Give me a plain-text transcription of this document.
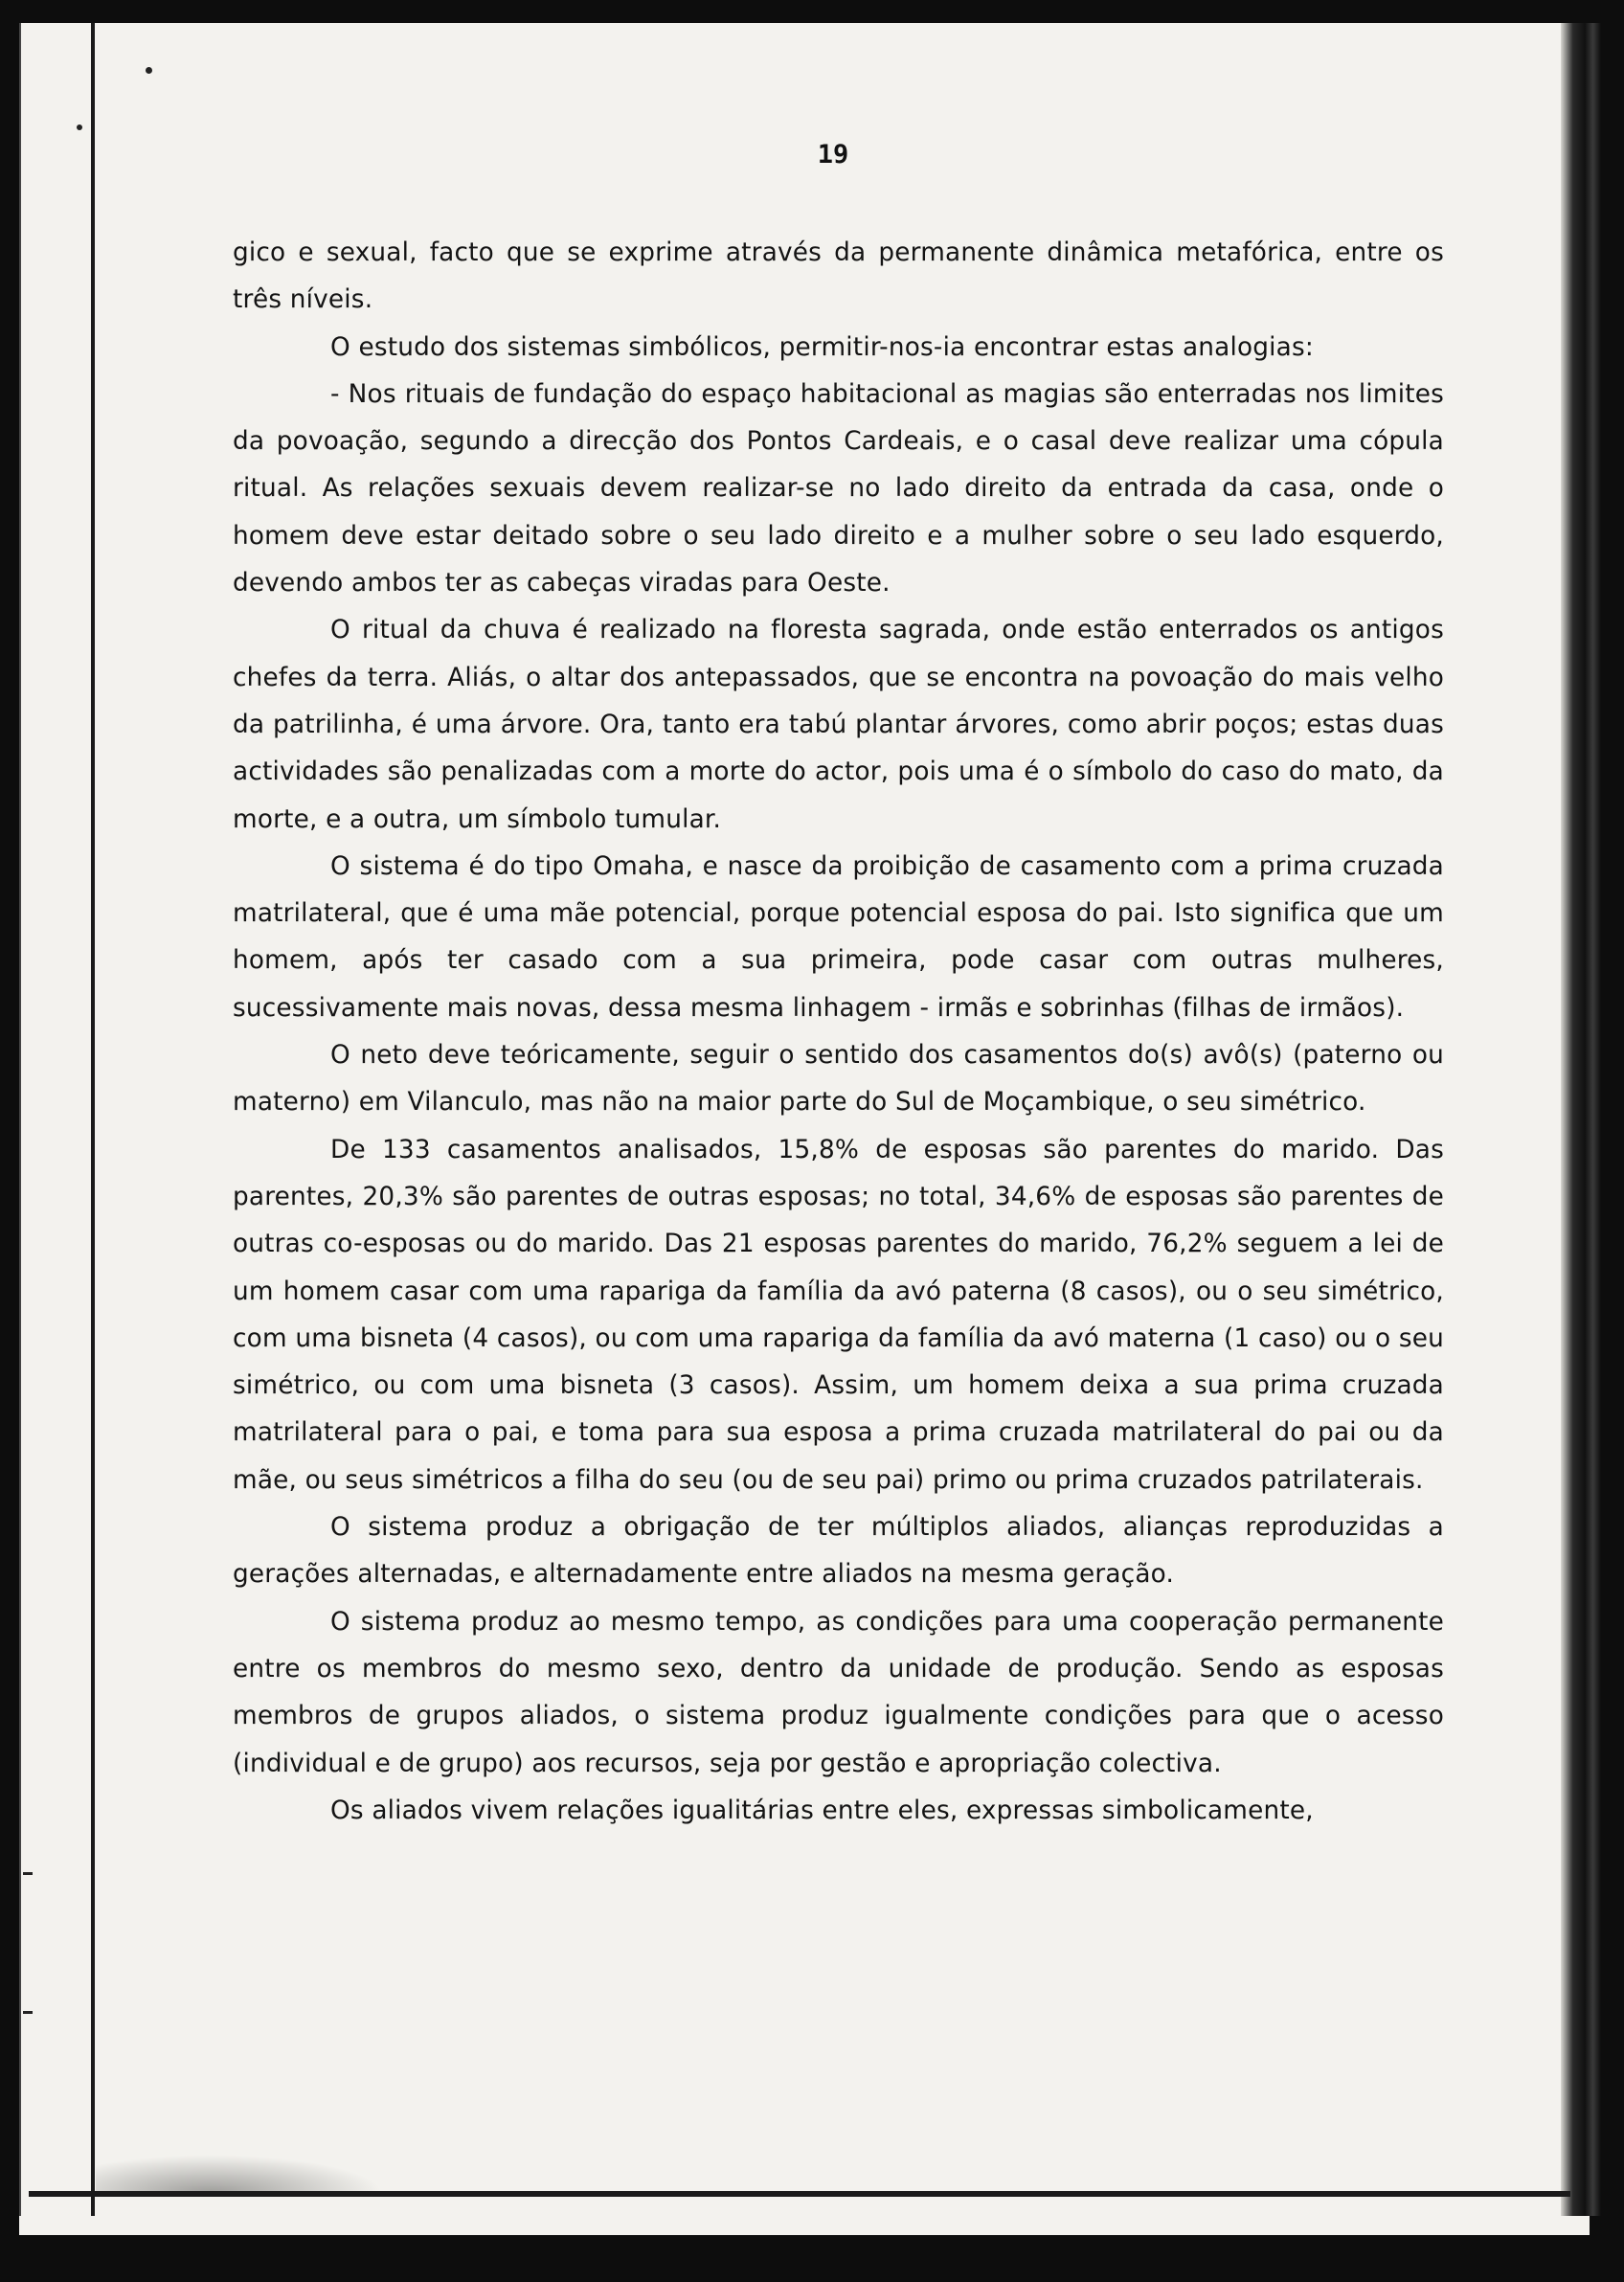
19

gico e sexual, facto que se exprime através da permanente dinâmica metafórica, entre os três níveis.

O estudo dos sistemas simbólicos, permitir-nos-ia encontrar estas analogias:

- Nos rituais de fundação do espaço habitacional as magias são enterradas nos limites da povoação, segundo a direcção dos Pontos Cardeais, e o casal deve realizar uma cópula ritual. As relações sexuais devem realizar-se no lado direito da entrada da casa, onde o homem deve estar deitado sobre o seu lado direito e a mulher sobre o seu lado esquerdo, devendo ambos ter as cabeças viradas para Oeste.

O ritual da chuva é realizado na floresta sagrada, onde estão enterrados os antigos chefes da terra. Aliás, o altar dos antepassados, que se encontra na povoação do mais velho da patrilinha, é uma árvore. Ora, tanto era tabú plantar árvores, como abrir poços; estas duas actividades são penalizadas com a morte do actor, pois uma é o símbolo do caso do mato, da morte, e a outra, um símbolo tumular.

O sistema é do tipo Omaha, e nasce da proibição de casamento com a prima cruzada matrilateral, que é uma mãe potencial, porque potencial esposa do pai. Isto significa que um homem, após ter casado com a sua primeira, pode casar com outras mulheres, sucessivamente mais novas, dessa mesma linhagem - irmãs e sobrinhas (filhas de irmãos).

O neto deve teóricamente, seguir o sentido dos casamentos do(s) avô(s) (paterno ou materno) em Vilanculo, mas não na maior parte do Sul de Moçambique, o seu simétrico.

De 133 casamentos analisados, 15,8% de esposas são parentes do marido. Das parentes, 20,3% são parentes de outras esposas; no total, 34,6% de esposas são parentes de outras co-esposas ou do marido. Das 21 esposas parentes do marido, 76,2% seguem a lei de um homem casar com uma rapariga da família da avó paterna (8 casos), ou o seu simétrico, com uma bisneta (4 casos), ou com uma rapariga da família da avó materna (1 caso) ou o seu simétrico, ou com uma bisneta (3 casos). Assim, um homem deixa a sua prima cruzada matrilateral para o pai, e toma para sua esposa a prima cruzada matrilateral do pai ou da mãe, ou seus simétricos a filha do seu (ou de seu pai) primo ou prima cruzados patrilaterais.

O sistema produz a obrigação de ter múltiplos aliados, alianças reproduzidas a gerações alternadas, e alternadamente entre aliados na mesma geração.

O sistema produz ao mesmo tempo, as condições para uma cooperação permanente entre os membros do mesmo sexo, dentro da unidade de produção. Sendo as esposas membros de grupos aliados, o sistema produz igualmente condições para que o acesso (individual e de grupo) aos recursos, seja por gestão e apropriação colectiva.

Os aliados vivem relações igualitárias entre eles, expressas simbolicamente,
